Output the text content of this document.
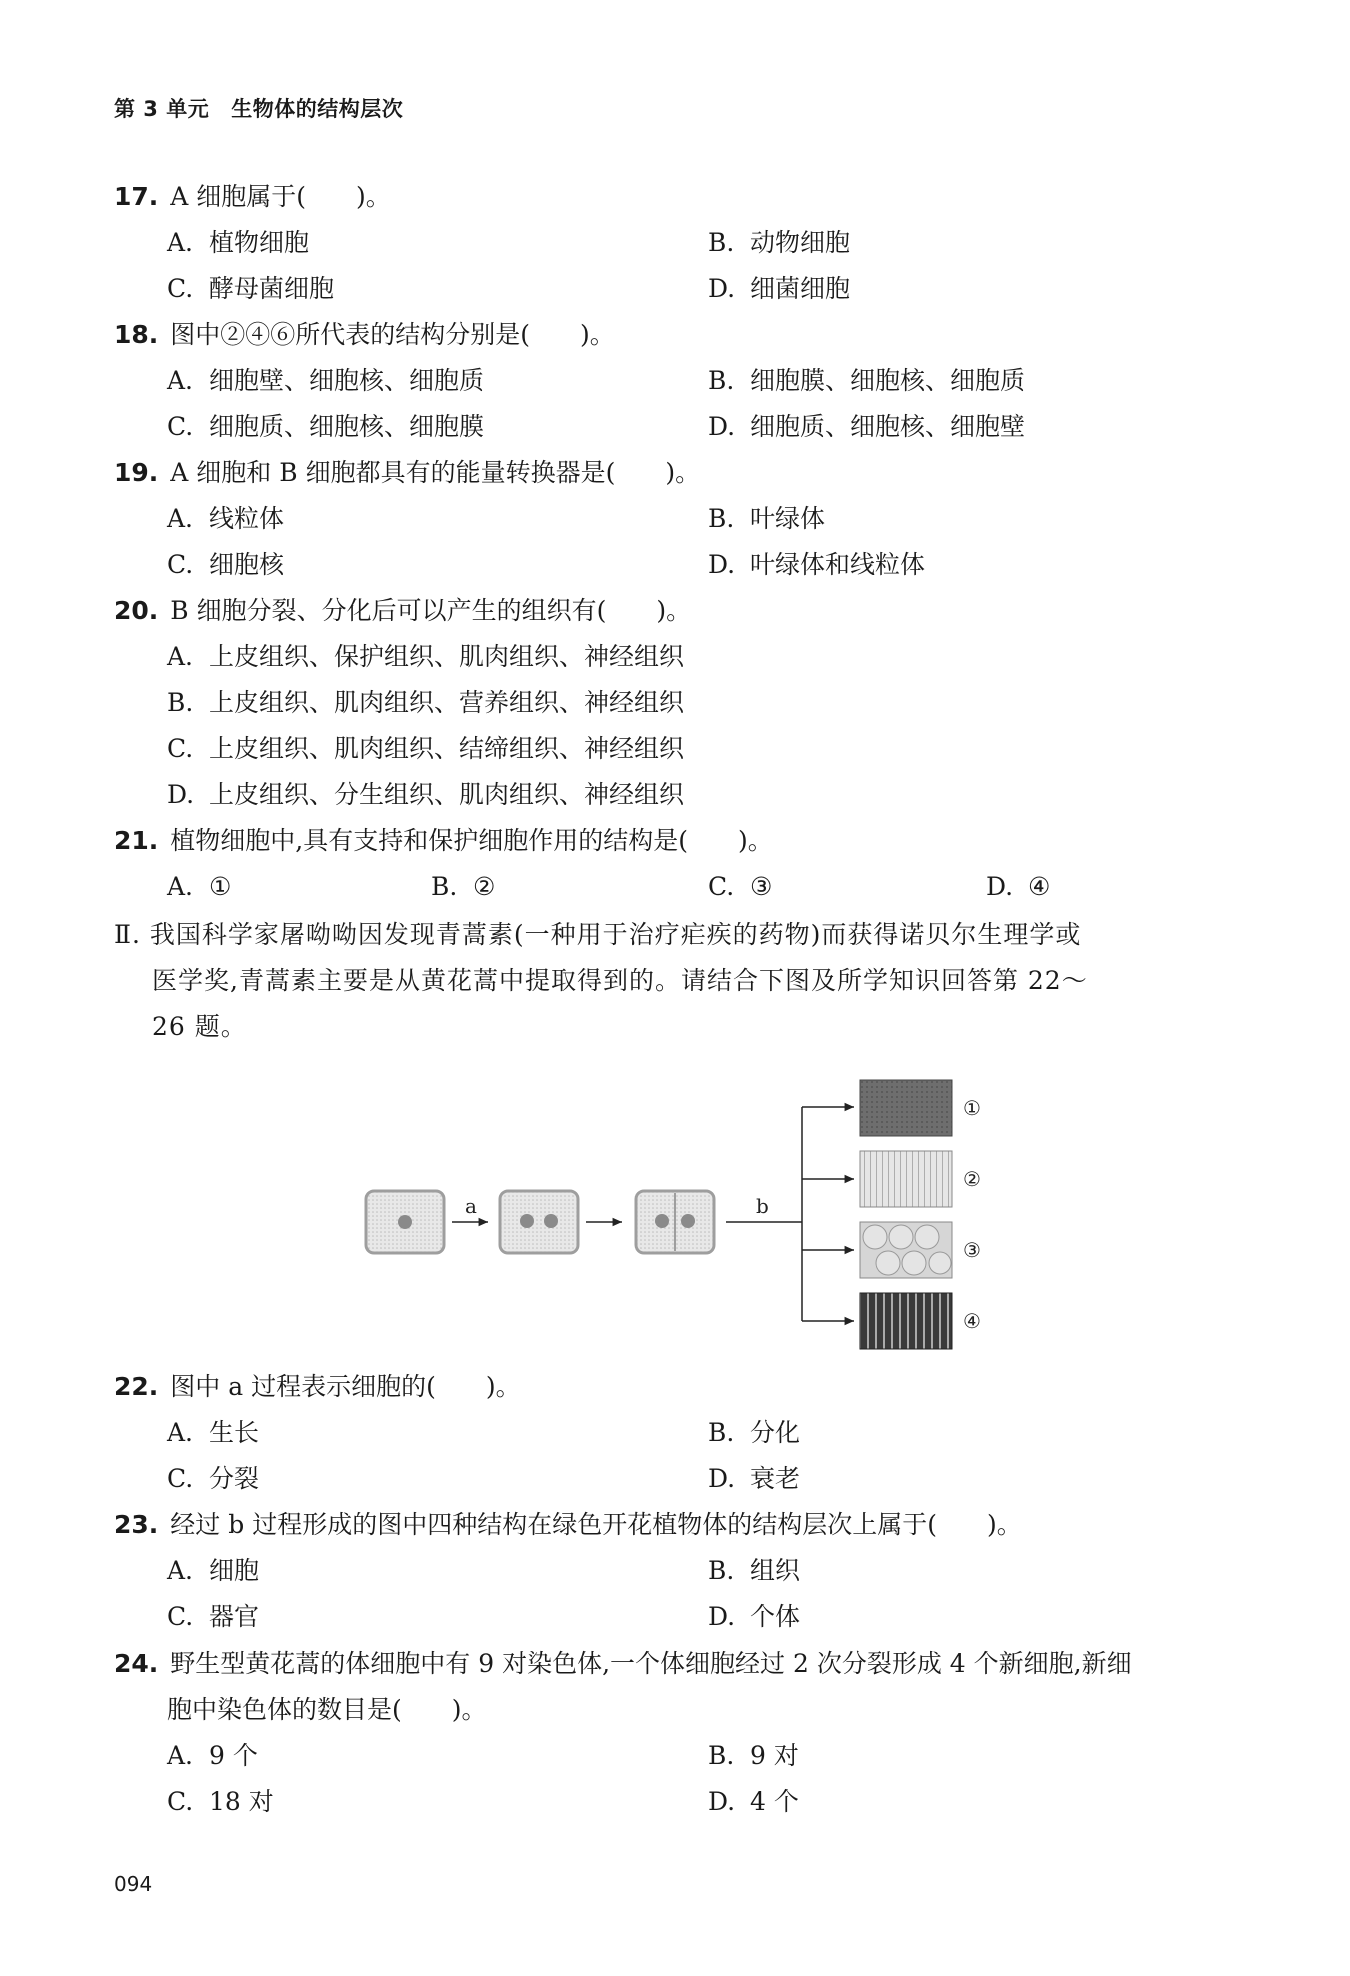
第 3 单元 生物体的结构层次
17. A 细胞属于(　　)。
A. 植物细胞	B. 动物细胞
C. 酵母菌细胞	D. 细菌细胞
18. 图中②④⑥所代表的结构分别是(　　)。
A. 细胞壁、细胞核、细胞质	B. 细胞膜、细胞核、细胞质
C. 细胞质、细胞核、细胞膜	D. 细胞质、细胞核、细胞壁
19. A 细胞和 B 细胞都具有的能量转换器是(　　)。
A. 线粒体	B. 叶绿体
C. 细胞核	D. 叶绿体和线粒体
20. B 细胞分裂、分化后可以产生的组织有(　　)。
A. 上皮组织、保护组织、肌肉组织、神经组织
B. 上皮组织、肌肉组织、营养组织、神经组织
C. 上皮组织、肌肉组织、结缔组织、神经组织
D. 上皮组织、分生组织、肌肉组织、神经组织
21. 植物细胞中,具有支持和保护细胞作用的结构是(　　)。
A. ①	B. ②	C. ③	D. ④
Ⅱ. 我国科学家屠呦呦因发现青蒿素(一种用于治疗疟疾的药物)而获得诺贝尔生理学或
医学奖,青蒿素主要是从黄花蒿中提取得到的。请结合下图及所学知识回答第 22～
26 题。
a	b
①
②
③
④
22. 图中 a 过程表示细胞的(　　)。
A. 生长	B. 分化
C. 分裂	D. 衰老
23. 经过 b 过程形成的图中四种结构在绿色开花植物体的结构层次上属于(　　)。
A. 细胞	B. 组织
C. 器官	D. 个体
24. 野生型黄花蒿的体细胞中有 9 对染色体,一个体细胞经过 2 次分裂形成 4 个新细胞,新细
胞中染色体的数目是(　　)。
A. 9 个	B. 9 对
C. 18 对	D. 4 个
094
